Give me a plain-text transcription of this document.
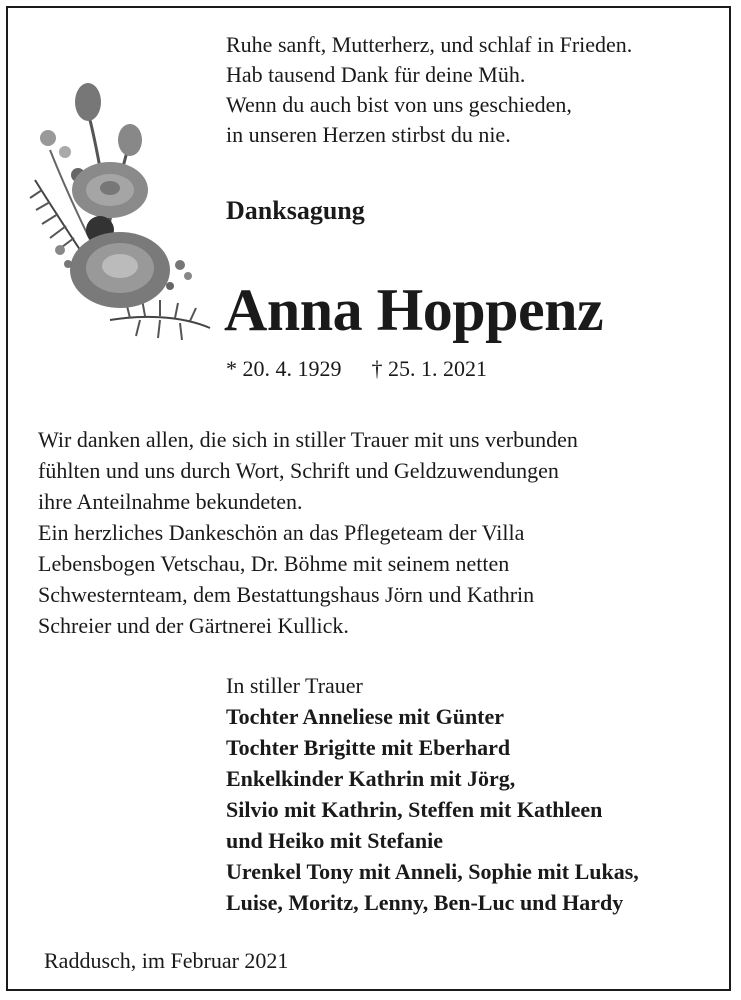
Ruhe sanft, Mutterherz, und schlaf in Frieden.
Hab tausend Dank für deine Müh.
Wenn du auch bist von uns geschieden,
in unseren Herzen stirbst du nie.
Danksagung
Anna Hoppenz
* 20. 4. 1929 † 25. 1. 2021
Wir danken allen, die sich in stiller Trauer mit uns verbunden
fühlten und uns durch Wort, Schrift und Geldzuwendungen
ihre Anteilnahme bekundeten.
Ein herzliches Dankeschön an das Pflegeteam der Villa
Lebensbogen Vetschau, Dr. Böhme mit seinem netten
Schwesternteam, dem Bestattungshaus Jörn und Kathrin
Schreier und der Gärtnerei Kullick.
In stiller Trauer
Tochter Anneliese mit Günter
Tochter Brigitte mit Eberhard
Enkelkinder Kathrin mit Jörg,
Silvio mit Kathrin, Steffen mit Kathleen
und Heiko mit Stefanie
Urenkel Tony mit Anneli, Sophie mit Lukas,
Luise, Moritz, Lenny, Ben-Luc und Hardy
Raddusch, im Februar 2021
